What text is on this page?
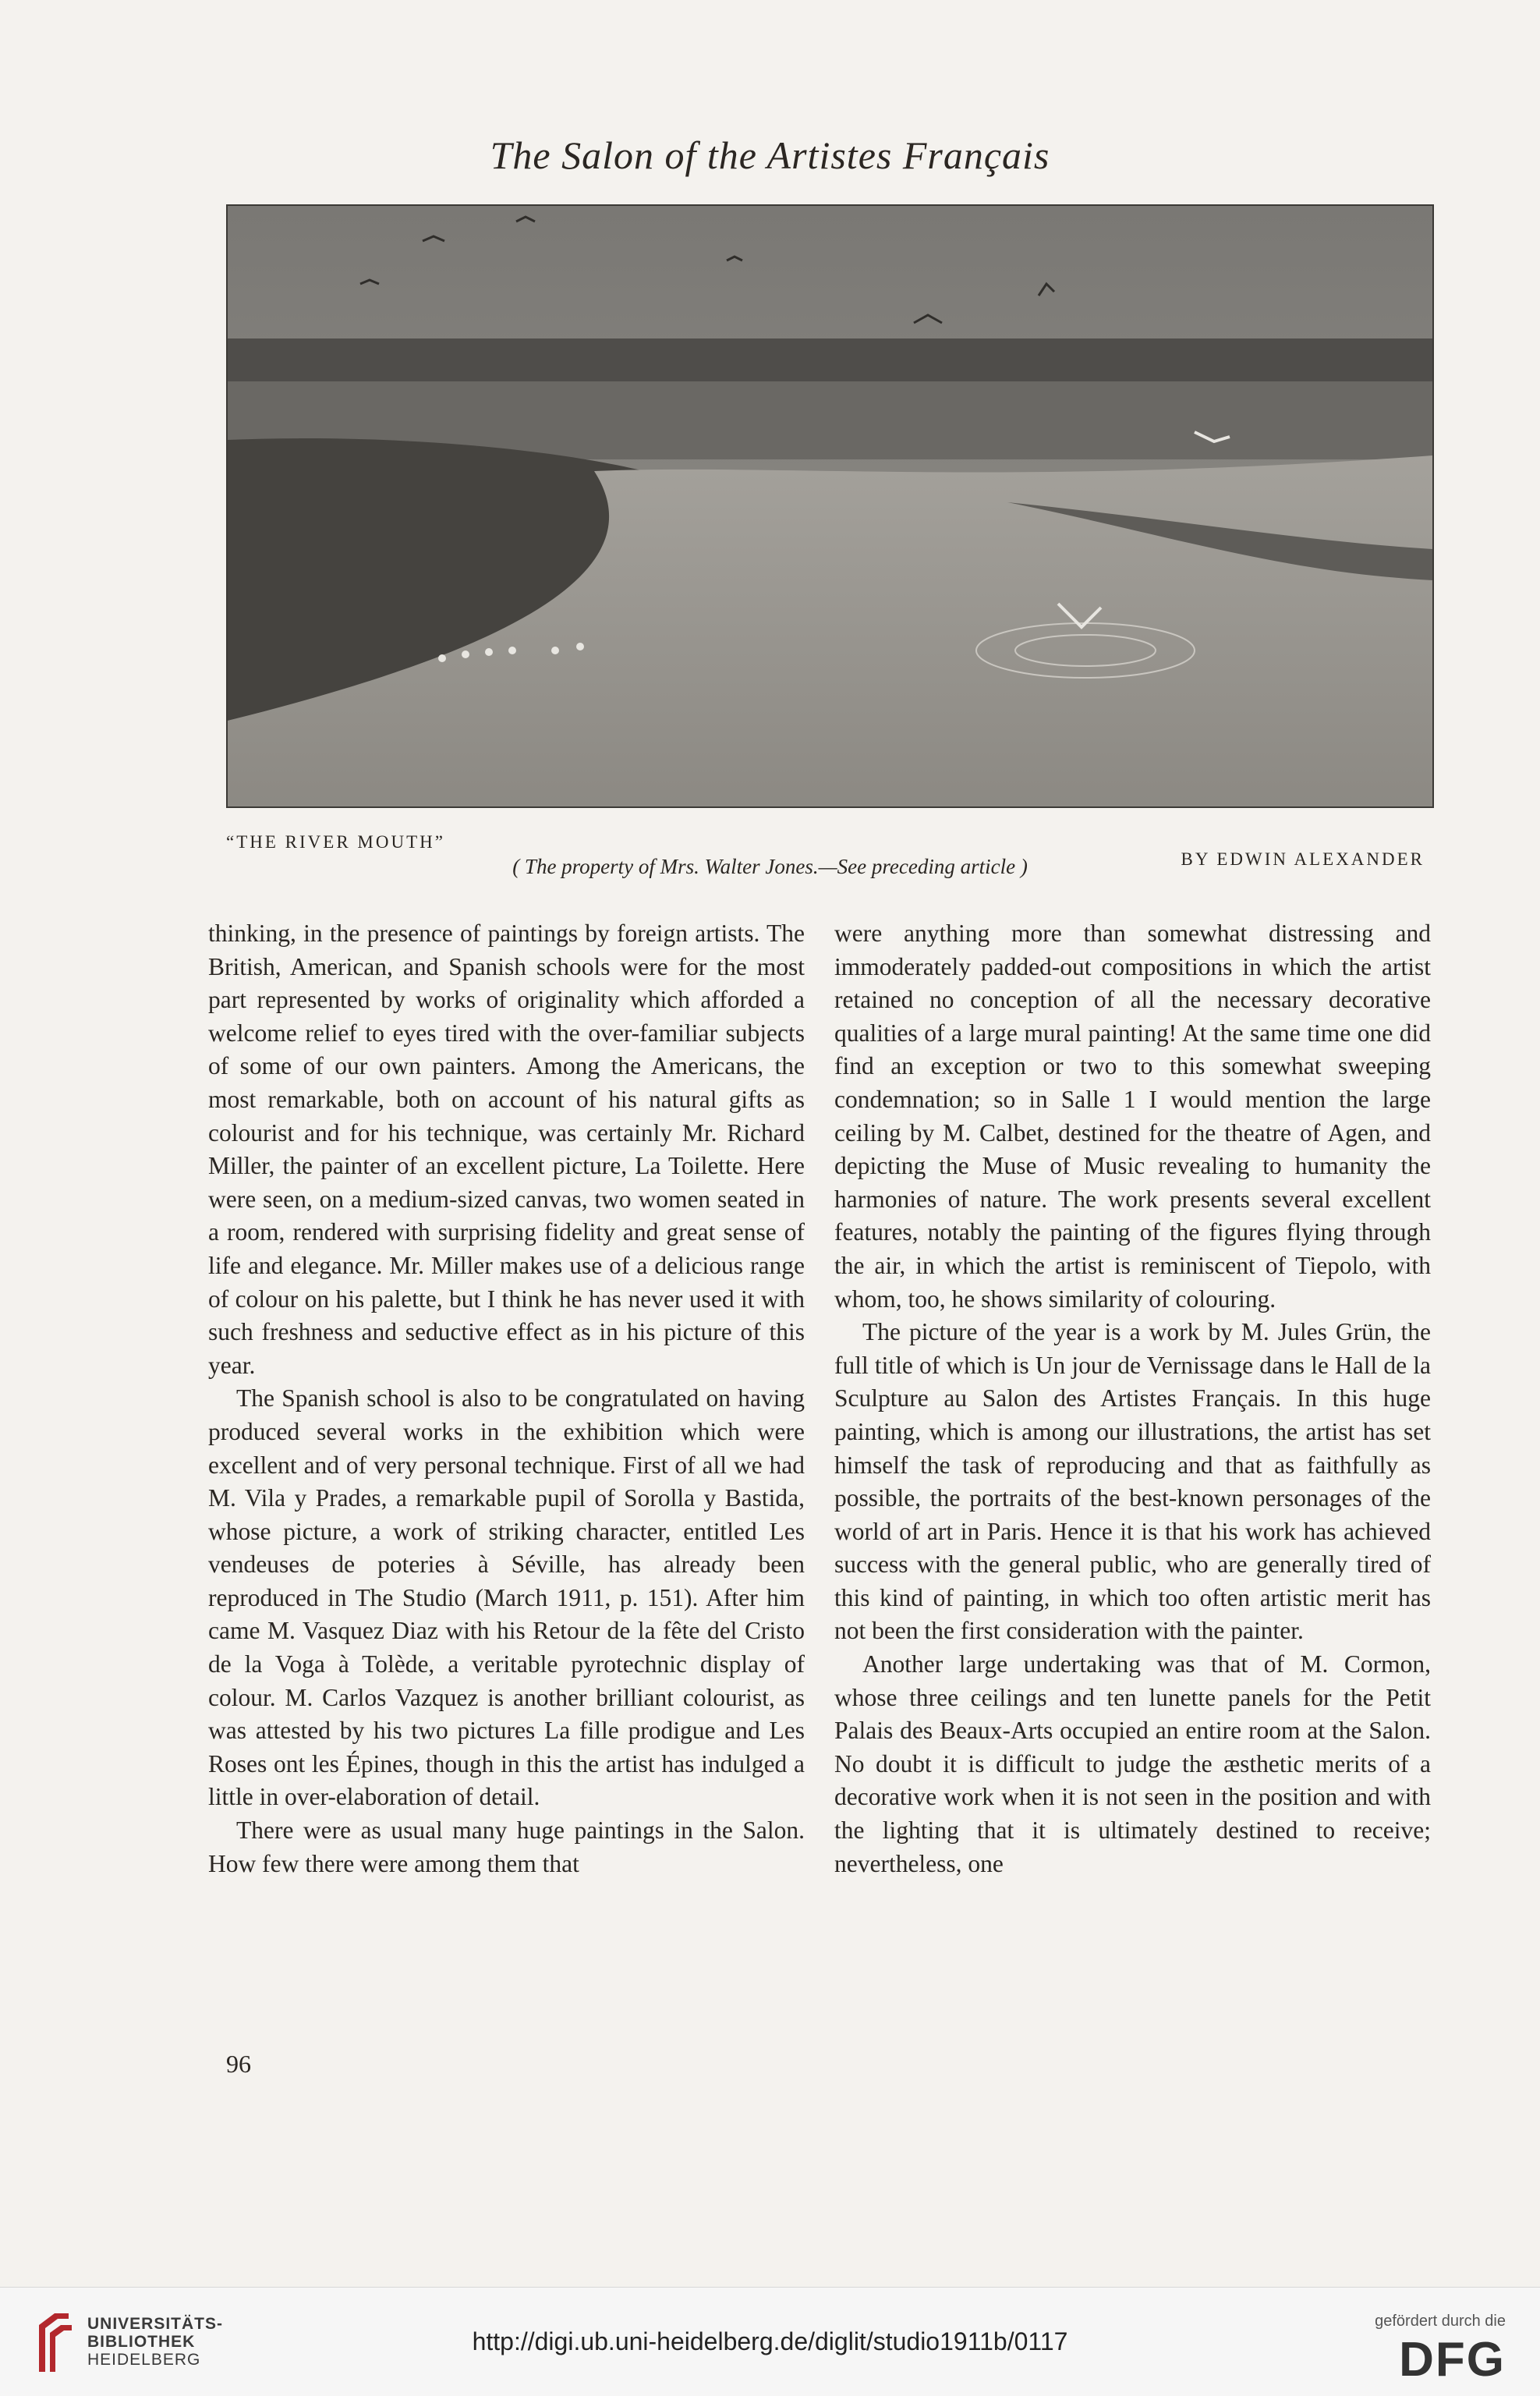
The Salon of the Artistes Français
“THE RIVER MOUTH”
BY EDWIN ALEXANDER
( The property of Mrs. Walter Jones.—See preceding article )

thinking, in the presence of paintings by foreign artists. The British, American, and Spanish schools were for the most part represented by works of originality which afforded a welcome relief to eyes tired with the over-familiar subjects of some of our own painters. Among the Americans, the most remarkable, both on account of his natural gifts as colourist and for his technique, was certainly Mr. Richard Miller, the painter of an excellent picture, La Toilette. Here were seen, on a medium-sized canvas, two women seated in a room, rendered with surprising fidelity and great sense of life and elegance. Mr. Miller makes use of a delicious range of colour on his palette, but I think he has never used it with such freshness and seductive effect as in his picture of this year.

The Spanish school is also to be congratulated on having produced several works in the exhibition which were excellent and of very personal technique. First of all we had M. Vila y Prades, a remarkable pupil of Sorolla y Bastida, whose picture, a work of striking character, entitled Les vendeuses de poteries à Séville, has already been reproduced in The Studio (March 1911, p. 151). After him came M. Vasquez Diaz with his Retour de la fête del Cristo de la Voga à Tolède, a veritable pyrotechnic display of colour. M. Carlos Vazquez is another brilliant colourist, as was attested by his two pictures La fille prodigue and Les Roses ont les Épines, though in this the artist has indulged a little in over-elaboration of detail.

There were as usual many huge paintings in the Salon. How few there were among them that

were anything more than somewhat distressing and immoderately padded-out compositions in which the artist retained no conception of all the necessary decorative qualities of a large mural painting! At the same time one did find an exception or two to this somewhat sweeping condemnation; so in Salle 1 I would mention the large ceiling by M. Calbet, destined for the theatre of Agen, and depicting the Muse of Music revealing to humanity the harmonies of nature. The work presents several excellent features, notably the painting of the figures flying through the air, in which the artist is reminiscent of Tiepolo, with whom, too, he shows similarity of colouring.

The picture of the year is a work by M. Jules Grün, the full title of which is Un jour de Vernissage dans le Hall de la Sculpture au Salon des Artistes Français. In this huge painting, which is among our illustrations, the artist has set himself the task of reproducing and that as faithfully as possible, the portraits of the best-known personages of the world of art in Paris. Hence it is that his work has achieved success with the general public, who are generally tired of this kind of painting, in which too often artistic merit has not been the first consideration with the painter.

Another large undertaking was that of M. Cormon, whose three ceilings and ten lunette panels for the Petit Palais des Beaux-Arts occupied an entire room at the Salon. No doubt it is difficult to judge the æsthetic merits of a decorative work when it is not seen in the position and with the lighting that it is ultimately destined to receive; nevertheless, one

96
UNIVERSITÄTS-
BIBLIOTHEK
HEIDELBERG
http://digi.ub.uni-heidelberg.de/diglit/studio1911b/0117
gefördert durch die
DFG
